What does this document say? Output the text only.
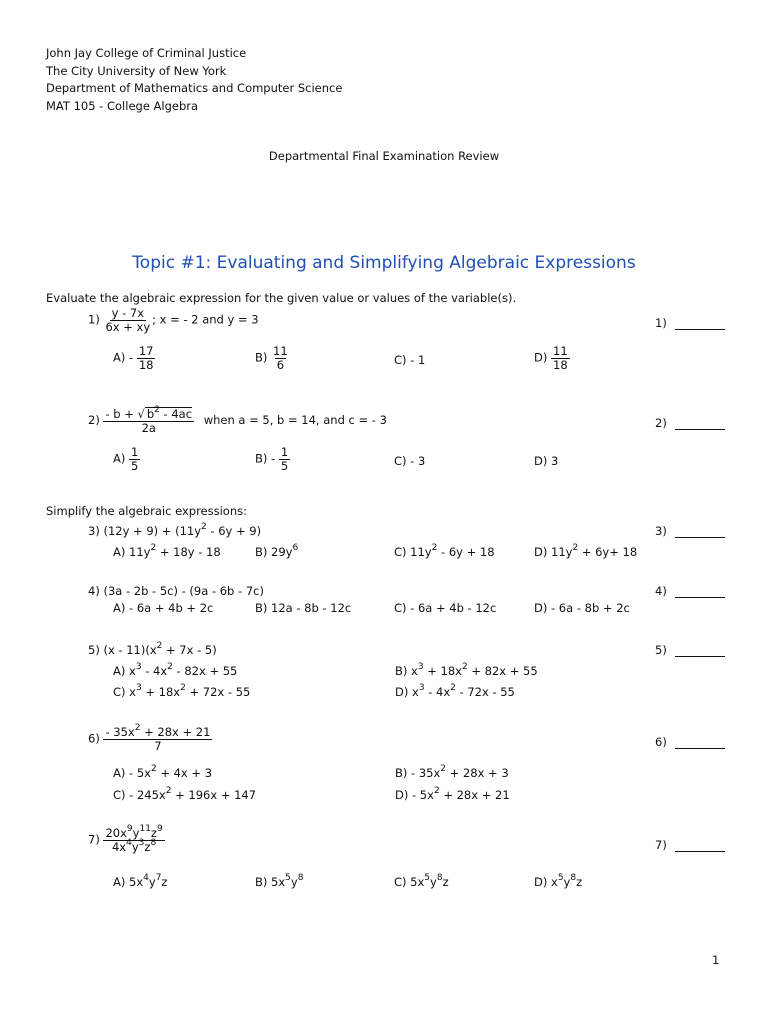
John Jay College of Criminal Justice
The City University of New York
Department of Mathematics and Computer Science
MAT 105 - College Algebra
Departmental Final Examination Review
Topic #1: Evaluating and Simplifying Algebraic Expressions
Evaluate the algebraic expression for the given value or values of the variable(s).
$1) \frac{y - 7x}{6x + xy}$ ; x = - 2 and y = 3	1)
$A) - \frac{17}{18}$	$B) \frac{11}{6}$	C) - 1	$D) \frac{11}{18}$
$2) \frac{- b + √ b^2 - 4ac}{2a}$ when a = 5, b = 14, and c = - 3	2)
$A) \frac{1}{5}$	$B) - \frac{1}{5}$	C) - 3	D) 3
Simplify the algebraic expressions:
3) $(12y + 9) + (11y^2 - 6y + 9)$	3)
A) $11y^2 + 18y - 18$	B) $29y^6$	C) $11y^2 - 6y + 18$	D) $11y^2 + 6y+ 18$
4) (3a - 2b - 5c) - (9a - 6b - 7c)	4)
A) - 6a + 4b + 2c	B) 12a - 8b - 12c	C) - 6a + 4b - 12c	D) - 6a - 8b + 2c
5) $(x - 11)(x^2 + 7x - 5)$	5)
A) $x^3 - 4x^2 - 82x + 55$	B) $x^3 + 18x^2 + 82x + 55$
C) $x^3 + 18x^2 + 72x - 55$	D) $x^3 - 4x^2 - 72x - 55$
$6) \frac{- 35x^2 + 28x + 21}{7}$	6)
$A) - 5x^2 + 4x + 3$	$B) - 35x^2 + 28x + 3$
$C) - 245x^2 + 196x + 147$	$D) - 5x^2 + 28x + 21$
$7) \frac{20x^9y^{11}z^9}{4x^4y^3z^8}$	7)
A) $5x^4y^7z$	B) $5x^5y^8$	C) $5x^5y^8z$	D) $x^5y^8z$
1
